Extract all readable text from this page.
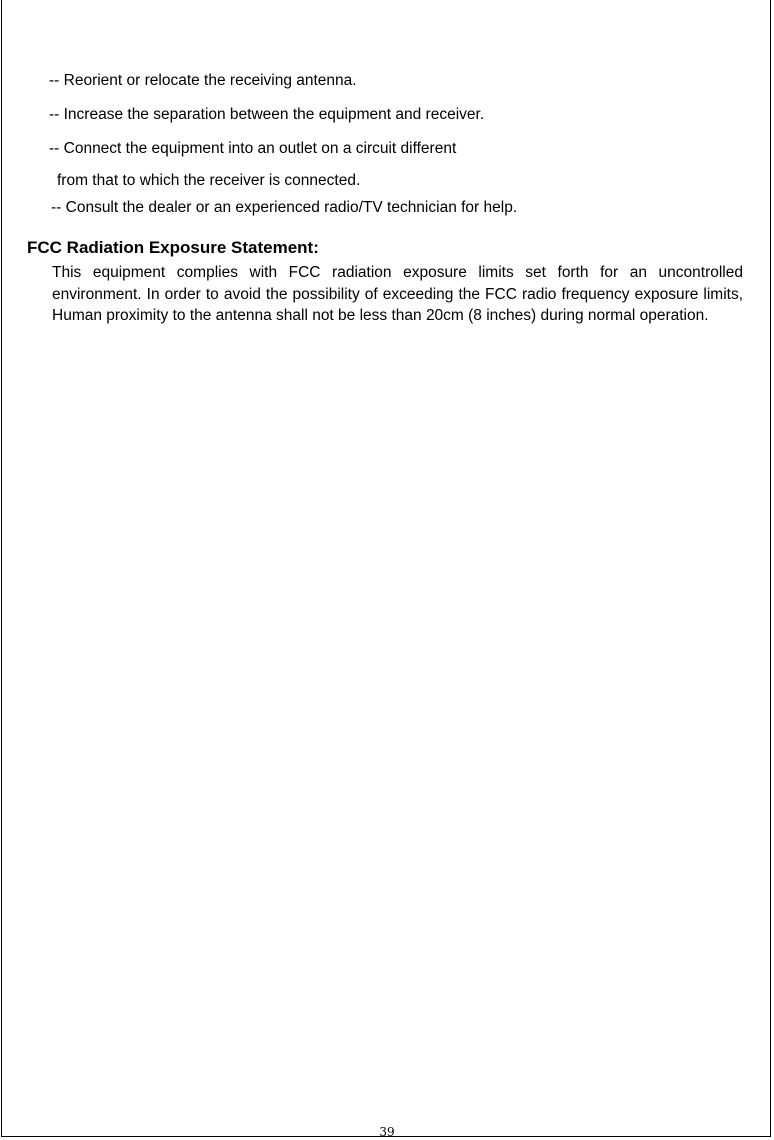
-- Reorient or relocate the receiving antenna.
-- Increase the separation between the equipment and receiver.
-- Connect the equipment into an outlet on a circuit different
from that to which the receiver is connected.
-- Consult the dealer or an experienced radio/TV technician for help.
FCC Radiation Exposure Statement:
This equipment complies with FCC radiation exposure limits set forth for an uncontrolled environment. In order to avoid the possibility of exceeding the FCC radio frequency exposure limits, Human proximity to the antenna shall not be less than 20cm (8 inches) during normal operation.
39
